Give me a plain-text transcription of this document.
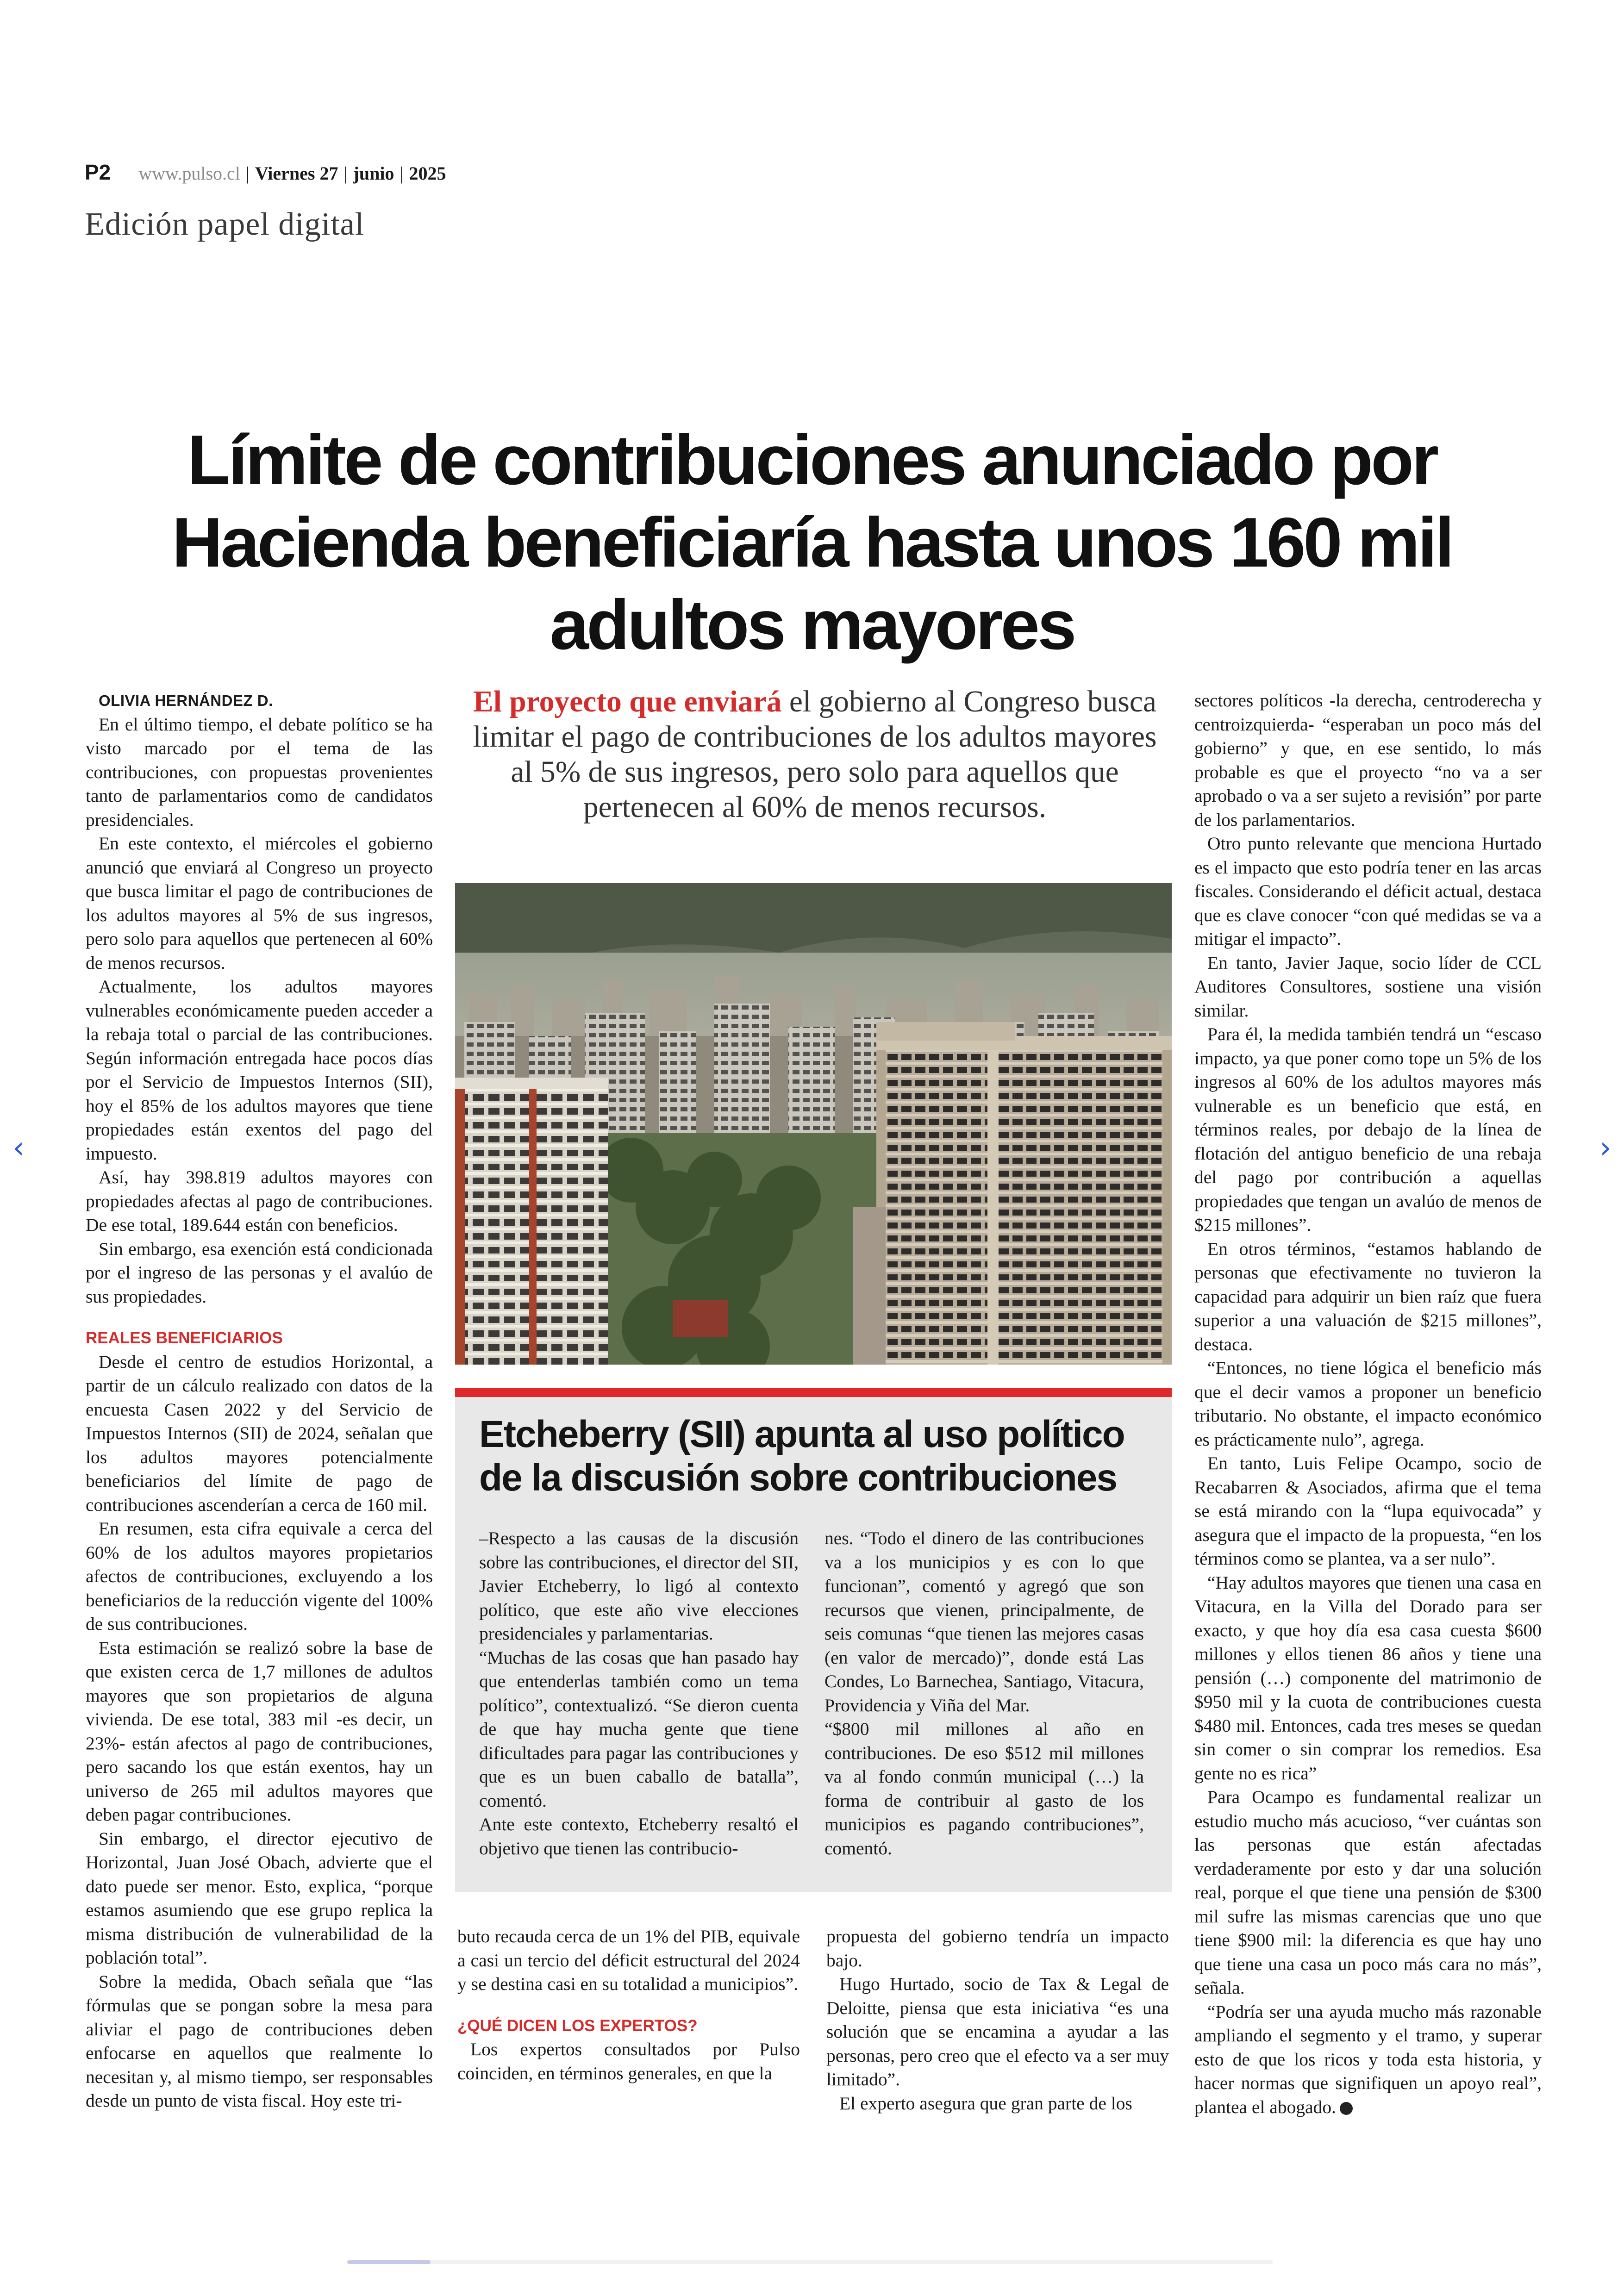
‹	›
P2 www.pulso.cl | Viernes 27 | junio | 2025
Edición papel digital
Límite de contribuciones anunciado por Hacienda beneficiaría hasta unos 160 mil adultos mayores

OLIVIA HERNÁNDEZ D.

En el último tiempo, el debate político se ha visto marcado por el tema de las contribuciones, con propuestas provenientes tanto de parlamentarios como de candidatos presidenciales.

En este contexto, el miércoles el gobierno anunció que enviará al Congreso un proyecto que busca limitar el pago de contribuciones de los adultos mayores al 5% de sus ingresos, pero solo para aquellos que pertenecen al 60% de menos recursos.

Actualmente, los adultos mayores vulnerables económicamente pueden acceder a la rebaja total o parcial de las contribuciones. Según información entregada hace pocos días por el Servicio de Impuestos Internos (SII), hoy el 85% de los adultos mayores que tiene propiedades están exentos del pago del impuesto.

Así, hay 398.819 adultos mayores con propiedades afectas al pago de contribuciones. De ese total, 189.644 están con beneficios.

Sin embargo, esa exención está condicionada por el ingreso de las personas y el avalúo de sus propiedades.

REALES BENEFICIARIOS

Desde el centro de estudios Horizontal, a partir de un cálculo realizado con datos de la encuesta Casen 2022 y del Servicio de Impuestos Internos (SII) de 2024, señalan que los adultos mayores potencialmente beneficiarios del límite de pago de contribuciones ascenderían a cerca de 160 mil.

En resumen, esta cifra equivale a cerca del 60% de los adultos mayores propietarios afectos de contribuciones, excluyendo a los beneficiarios de la reducción vigente del 100% de sus contribuciones.

Esta estimación se realizó sobre la base de que existen cerca de 1,7 millones de adultos mayores que son propietarios de alguna vivienda. De ese total, 383 mil -es decir, un 23%- están afectos al pago de contribuciones, pero sacando los que están exentos, hay un universo de 265 mil adultos mayores que deben pagar contribuciones.

Sin embargo, el director ejecutivo de Horizontal, Juan José Obach, advierte que el dato puede ser menor. Esto, explica, “porque estamos asumiendo que ese grupo replica la misma distribución de vulnerabilidad de la población total”.

Sobre la medida, Obach señala que “las fórmulas que se pongan sobre la mesa para aliviar el pago de contribuciones deben enfocarse en aquellos que realmente lo necesitan y, al mismo tiempo, ser responsables desde un punto de vista fiscal. Hoy este tri-

El proyecto que enviará el gobierno al Congreso busca limitar el pago de contribuciones de los adultos mayores al 5% de sus ingresos, pero solo para aquellos que pertenecen al 60% de menos recursos.
Etcheberry (SII) apunta al uso político de la discusión sobre contribuciones

–Respecto a las causas de la discusión sobre las contribuciones, el director del SII, Javier Etcheberry, lo ligó al contexto político, que este año vive elecciones presidenciales y parlamentarias.

“Muchas de las cosas que han pasado hay que entenderlas también como un tema político”, contextualizó. “Se dieron cuenta de que hay mucha gente que tiene dificultades para pagar las contribuciones y que es un buen caballo de batalla”, comentó.

Ante este contexto, Etcheberry resaltó el objetivo que tienen las contribucio-

nes. “Todo el dinero de las contribuciones va a los municipios y es con lo que funcionan”, comentó y agregó que son recursos que vienen, principalmente, de seis comunas “que tienen las mejores casas (en valor de mercado)”, donde está Las Condes, Lo Barnechea, Santiago, Vitacura, Providencia y Viña del Mar.

“$800 mil millones al año en contribuciones. De eso $512 mil millones va al fondo conmún municipal (…) la forma de contribuir al gasto de los municipios es pagando contribuciones”, comentó.

buto recauda cerca de un 1% del PIB, equivale a casi un tercio del déficit estructural del 2024 y se destina casi en su totalidad a municipios”.

¿QUÉ DICEN LOS EXPERTOS?

Los expertos consultados por Pulso coinciden, en términos generales, en que la

propuesta del gobierno tendría un impacto bajo.

Hugo Hurtado, socio de Tax & Legal de Deloitte, piensa que esta iniciativa “es una solución que se encamina a ayudar a las personas, pero creo que el efecto va a ser muy limitado”.

El experto asegura que gran parte de los

sectores políticos -la derecha, centroderecha y centroizquierda- “esperaban un poco más del gobierno” y que, en ese sentido, lo más probable es que el proyecto “no va a ser aprobado o va a ser sujeto a revisión” por parte de los parlamentarios.

Otro punto relevante que menciona Hurtado es el impacto que esto podría tener en las arcas fiscales. Considerando el déficit actual, destaca que es clave conocer “con qué medidas se va a mitigar el impacto”.

En tanto, Javier Jaque, socio líder de CCL Auditores Consultores, sostiene una visión similar.

Para él, la medida también tendrá un “escaso impacto, ya que poner como tope un 5% de los ingresos al 60% de los adultos mayores más vulnerable es un beneficio que está, en términos reales, por debajo de la línea de flotación del antiguo beneficio de una rebaja del pago por contribución a aquellas propiedades que tengan un avalúo de menos de $215 millones”.

En otros términos, “estamos hablando de personas que efectivamente no tuvieron la capacidad para adquirir un bien raíz que fuera superior a una valuación de $215 millones”, destaca.

“Entonces, no tiene lógica el beneficio más que el decir vamos a proponer un beneficio tributario. No obstante, el impacto económico es prácticamente nulo”, agrega.

En tanto, Luis Felipe Ocampo, socio de Recabarren & Asociados, afirma que el tema se está mirando con la “lupa equivocada” y asegura que el impacto de la propuesta, “en los términos como se plantea, va a ser nulo”.

“Hay adultos mayores que tienen una casa en Vitacura, en la Villa del Dorado para ser exacto, y que hoy día esa casa cuesta $600 millones y ellos tienen 86 años y tiene una pensión (…) componente del matrimonio de $950 mil y la cuota de contribuciones cuesta $480 mil. Entonces, cada tres meses se quedan sin comer o sin comprar los remedios. Esa gente no es rica”

Para Ocampo es fundamental realizar un estudio mucho más acucioso, “ver cuántas son las personas que están afectadas verdaderamente por esto y dar una solución real, porque el que tiene una pensión de $300 mil sufre las mismas carencias que uno que tiene $900 mil: la diferencia es que hay uno que tiene una casa un poco más cara no más”, señala.

“Podría ser una ayuda mucho más razonable ampliando el segmento y el tramo, y superar esto de que los ricos y toda esta historia, y hacer normas que signifiquen un apoyo real”, plantea el abogado.
